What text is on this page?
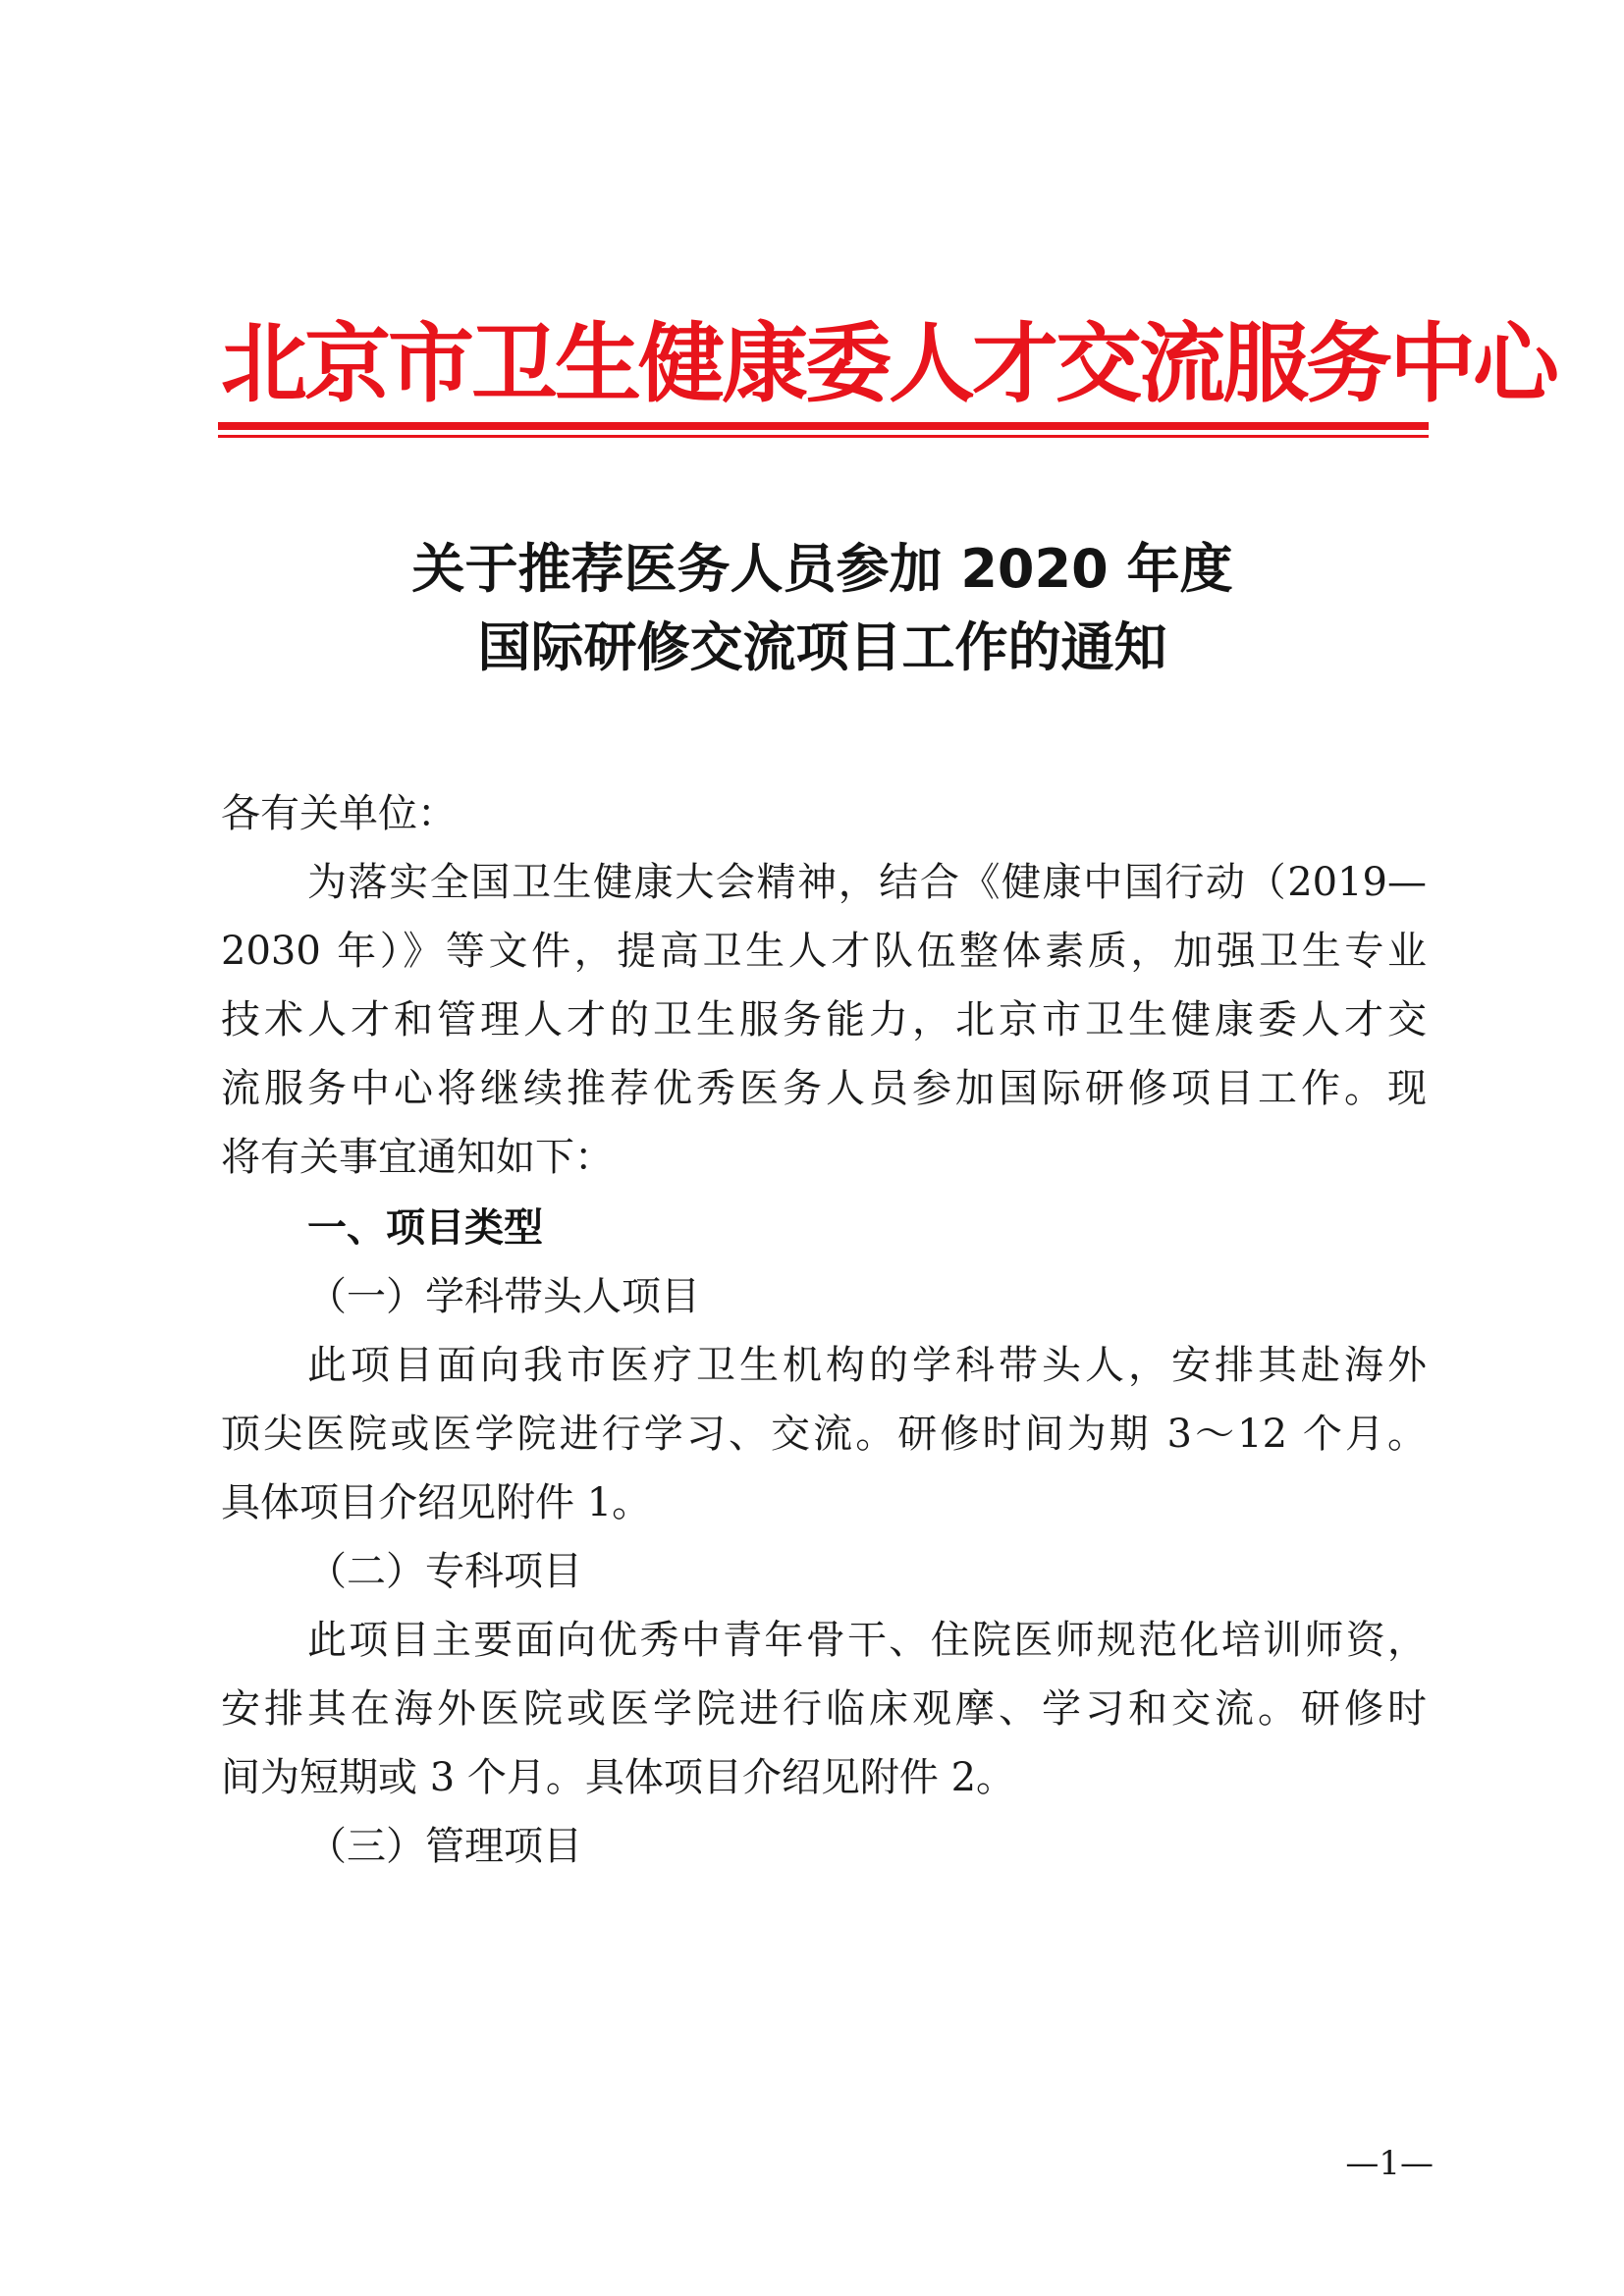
北京市卫生健康委人才交流服务中心
关于推荐医务人员参加 2020 年度
国际研修交流项目工作的通知
各有关单位：
为落实全国卫生健康大会精神，结合《健康中国行动（2019—
2030 年）》等文件，提高卫生人才队伍整体素质，加强卫生专业
技术人才和管理人才的卫生服务能力，北京市卫生健康委人才交
流服务中心将继续推荐优秀医务人员参加国际研修项目工作。现
将有关事宜通知如下：
一、项目类型
（一）学科带头人项目
此项目面向我市医疗卫生机构的学科带头人，安排其赴海外
顶尖医院或医学院进行学习、交流。研修时间为期 3～12 个月。
具体项目介绍见附件 1。
（二）专科项目
此项目主要面向优秀中青年骨干、住院医师规范化培训师资，
安排其在海外医院或医学院进行临床观摩、学习和交流。研修时
间为短期或 3 个月。具体项目介绍见附件 2。
（三）管理项目
—1—
